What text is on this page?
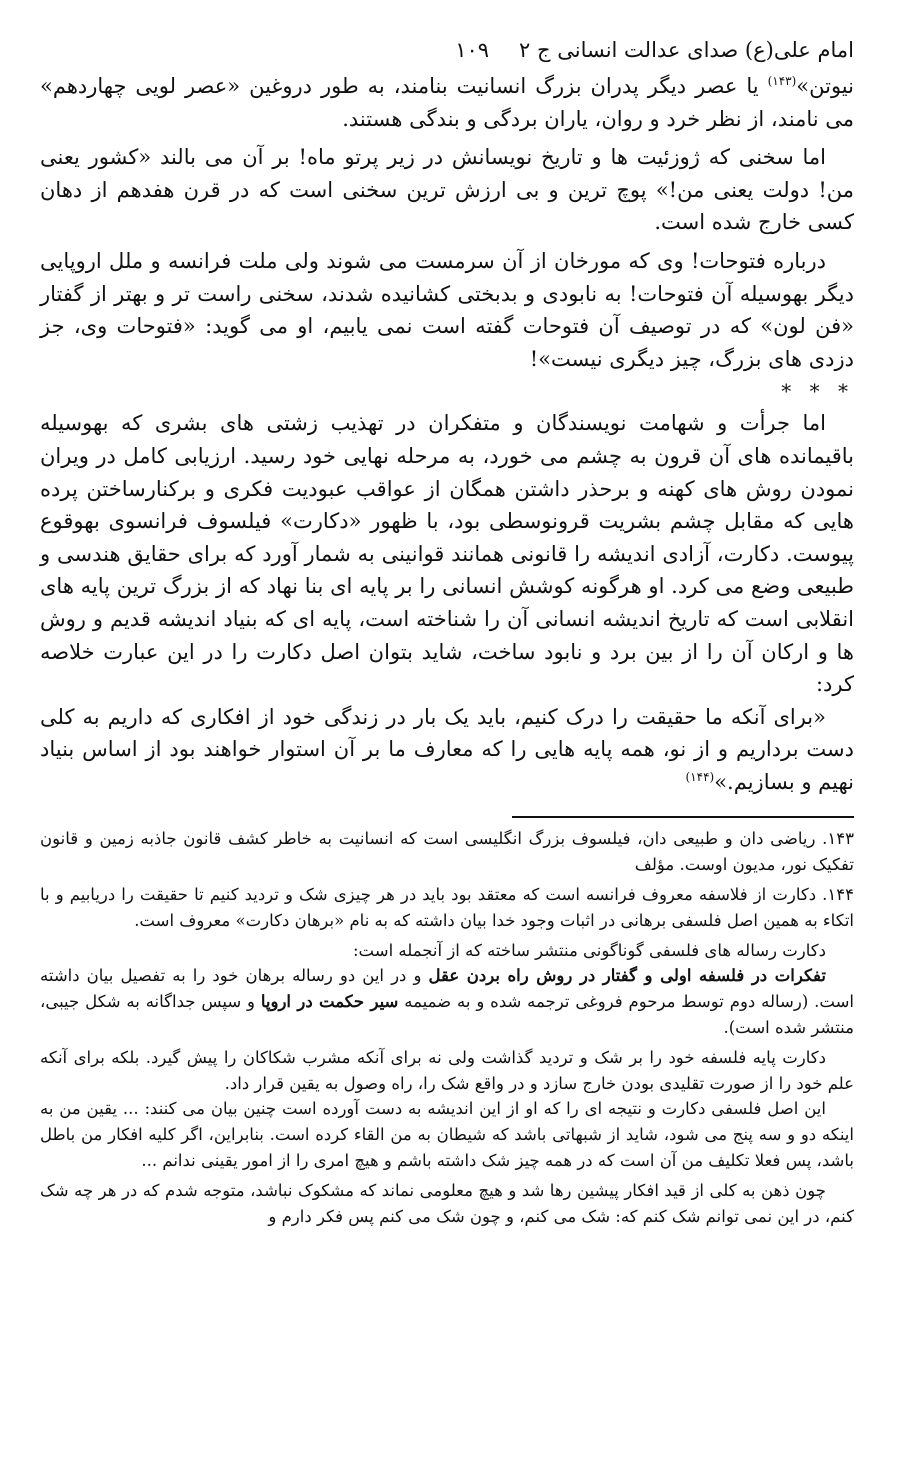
امام علی(ع) صدای عدالت انسانی ج ۲
۱۰۹

نیوتن»$^{(۱۴۳)}$ یا عصر دیگر پدران بزرگ انسانیت بنامند، به طور دروغین «عصر لویی چهاردهم» می نامند، از نظر خرد و روان، یاران بردگی و بندگی هستند.

اما سخنی که ژوزئیت ها و تاریخ نویسانش در زیر پرتو ماه! بر آن می بالند «کشور یعنی من! دولت یعنی من!» پوچ ترین و بی ارزش ترین سخنی است که در قرن هفدهم از دهان کسی خارج شده است.

درباره فتوحات! وی که مورخان از آن سرمست می شوند ولی ملت فرانسه و ملل اروپایی دیگر بهوسیله آن فتوحات! به نابودی و بدبختی کشانیده شدند، سخنی راست تر و بهتر از گفتار «فن لون» که در توصیف آن فتوحات گفته است نمی یابیم، او می گوید: «فتوحات وی، جز دزدی های بزرگ، چیز دیگری نیست»!

* * *

اما جرأت و شهامت نویسندگان و متفکران در تهذیب زشتی های بشری که بهوسیله باقیمانده های آن قرون به چشم می خورد، به مرحله نهایی خود رسید. ارزیابی کامل در ویران نمودن روش های کهنه و برحذر داشتن همگان از عواقب عبودیت فکری و برکنارساختن پرده هایی که مقابل چشم بشریت قرونوسطی بود، با ظهور «دکارت» فیلسوف فرانسوی بهوقوع پیوست. دکارت، آزادی اندیشه را قانونی همانند قوانینی به شمار آورد که برای حقایق هندسی و طبیعی وضع می کرد. او هرگونه کوشش انسانی را بر پایه ای بنا نهاد که از بزرگ ترین پایه های انقلابی است که تاریخ اندیشه انسانی آن را شناخته است، پایه ای که بنیاد اندیشه قدیم و روش ها و ارکان آن را از بین برد و نابود ساخت، شاید بتوان اصل دکارت را در این عبارت خلاصه کرد:

«برای آنکه ما حقیقت را درک کنیم، باید یک بار در زندگی خود از افکاری که داریم به کلی دست برداریم و از نو، همه پایه هایی را که معارف ما بر آن استوار خواهند بود از اساس بنیاد نهیم و بسازیم.»$^{(۱۴۴)}$

۱۴۳. ریاضی دان و طبیعی دان، فیلسوف بزرگ انگلیسی است که انسانیت به خاطر کشف قانون جاذبه زمین و قانون تفکیک نور، مدیون اوست. مؤلف

۱۴۴. دکارت از فلاسفه معروف فرانسه است که معتقد بود باید در هر چیزی شک و تردید کنیم تا حقیقت را دریابیم و با اتکاء به همین اصل فلسفی برهانی در اثبات وجود خدا بیان داشته که به نام «برهان دکارت» معروف است.

دکارت رساله های فلسفی گوناگونی منتشر ساخته که از آنجمله است:

تفکرات در فلسفه اولی و گفتار در روش راه بردن عقل و در این دو رساله برهان خود را به تفصیل بیان داشته است. (رساله دوم توسط مرحوم فروغی ترجمه شده و به ضمیمه سیر حکمت در اروپا و سپس جداگانه به شکل جیبی، منتشر شده است).

دکارت پایه فلسفه خود را بر شک و تردید گذاشت ولی نه برای آنکه مشرب شکاکان را پیش گیرد. بلکه برای آنکه علم خود را از صورت تقلیدی بودن خارج سازد و در واقع شک را، راه وصول به یقین قرار داد.

این اصل فلسفی دکارت و نتیجه ای را که او از این اندیشه به دست آورده است چنین بیان می کنند: ... یقین من به اینکه دو و سه پنج می شود، شاید از شبهاتی باشد که شیطان به من القاء کرده است. بنابراین، اگر کلیه افکار من باطل باشد، پس فعلا تکلیف من آن است که در همه چیز شک داشته باشم و هیچ امری را از امور یقینی ندانم ...

چون ذهن به کلی از قید افکار پیشین رها شد و هیچ معلومی نماند که مشکوک نباشد، متوجه شدم که در هر چه شک کنم، در این نمی توانم شک کنم که: شک می کنم، و چون شک می کنم پس فکر دارم و
